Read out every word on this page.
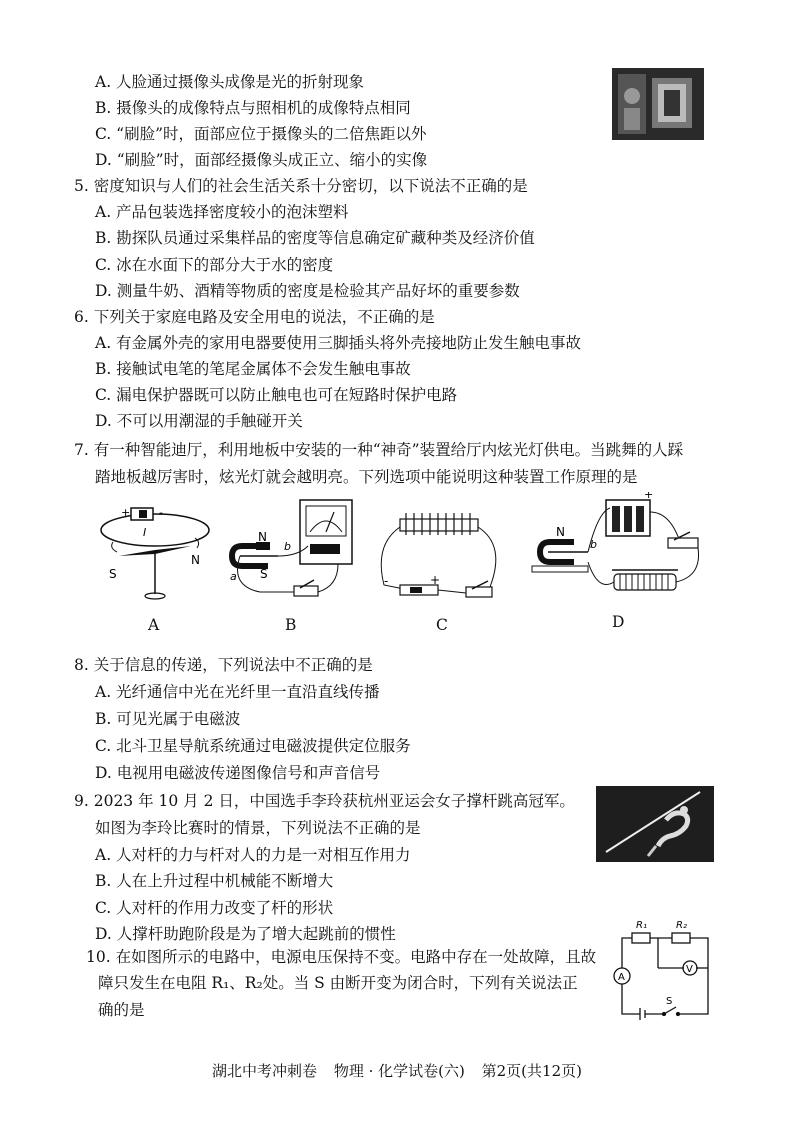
A. 人脸通过摄像头成像是光的折射现象
B. 摄像头的成像特点与照相机的成像特点相同
C. “刷脸”时，面部应位于摄像头的二倍焦距以外
D. “刷脸”时，面部经摄像头成正立、缩小的实像
5. 密度知识与人们的社会生活关系十分密切，以下说法不正确的是
A. 产品包装选择密度较小的泡沫塑料
B. 勘探队员通过采集样品的密度等信息确定矿藏种类及经济价值
C. 冰在水面下的部分大于水的密度
D. 测量牛奶、酒精等物质的密度是检验其产品好坏的重要参数
6. 下列关于家庭电路及安全用电的说法，不正确的是
A. 有金属外壳的家用电器要使用三脚插头将外壳接地防止发生触电事故
B. 接触试电笔的笔尾金属体不会发生触电事故
C. 漏电保护器既可以防止触电也可在短路时保护电路
D. 不可以用潮湿的手触碰开关
7. 有一种智能迪厅，利用地板中安装的一种“神奇”装置给厅内炫光灯供电。当跳舞的人踩
踏地板越厉害时，炫光灯就会越明亮。下列选项中能说明这种装置工作原理的是
+	-
I
S
N
A
N
S
a
b
B
-	+
C
N
b
+
D
8. 关于信息的传递，下列说法中不正确的是
A. 光纤通信中光在光纤里一直沿直线传播
B. 可见光属于电磁波
C. 北斗卫星导航系统通过电磁波提供定位服务
D. 电视用电磁波传递图像信号和声音信号
9. 2023 年 10 月 2 日，中国选手李玲获杭州亚运会女子撑杆跳高冠军。
如图为李玲比赛时的情景，下列说法不正确的是
A. 人对杆的力与杆对人的力是一对相互作用力
B. 人在上升过程中机械能不断增大
C. 人对杆的作用力改变了杆的形状
D. 人撑杆助跑阶段是为了增大起跳前的惯性
10. 在如图所示的电路中，电源电压保持不变。电路中存在一处故障，且故
障只发生在电阻 R₁、R₂处。当 S 由断开变为闭合时，下列有关说法正
确的是
R₁	R₂
A
V
S
湖北中考冲刺卷 物理 · 化学试卷(六) 第2页(共12页)
